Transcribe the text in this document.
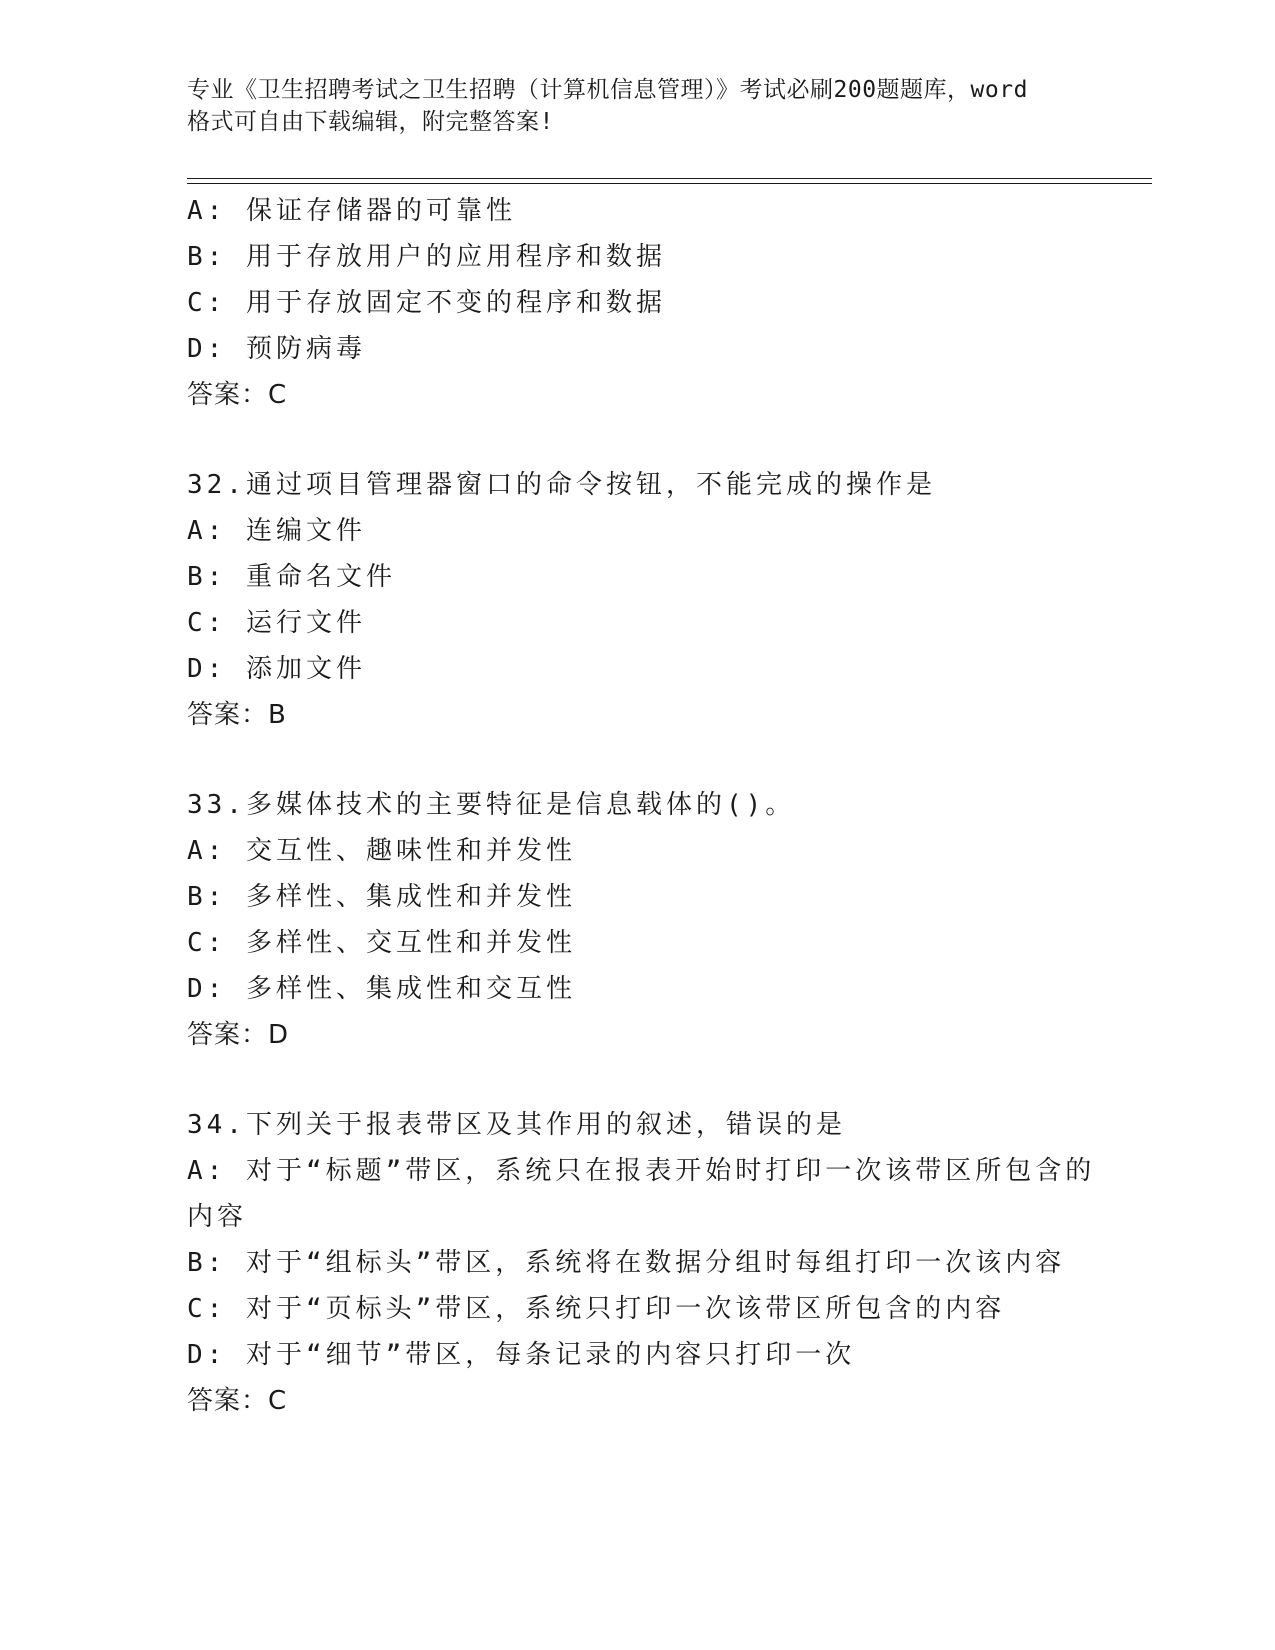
专业《卫生招聘考试之卫生招聘（计算机信息管理）》考试必刷200题题库，word
格式可自由下载编辑，附完整答案!
A: 保证存储器的可靠性
B: 用于存放用户的应用程序和数据
C: 用于存放固定不变的程序和数据
D: 预防病毒
答案：C
32.通过项目管理器窗口的命令按钮，不能完成的操作是
A: 连编文件
B: 重命名文件
C: 运行文件
D: 添加文件
答案：B
33.多媒体技术的主要特征是信息载体的()。
A: 交互性、趣味性和并发性
B: 多样性、集成性和并发性
C: 多样性、交互性和并发性
D: 多样性、集成性和交互性
答案：D
34.下列关于报表带区及其作用的叙述，错误的是
A: 对于“标题”带区，系统只在报表开始时打印一次该带区所包含的
内容
B: 对于“组标头”带区，系统将在数据分组时每组打印一次该内容
C: 对于“页标头”带区，系统只打印一次该带区所包含的内容
D: 对于“细节”带区，每条记录的内容只打印一次
答案：C
